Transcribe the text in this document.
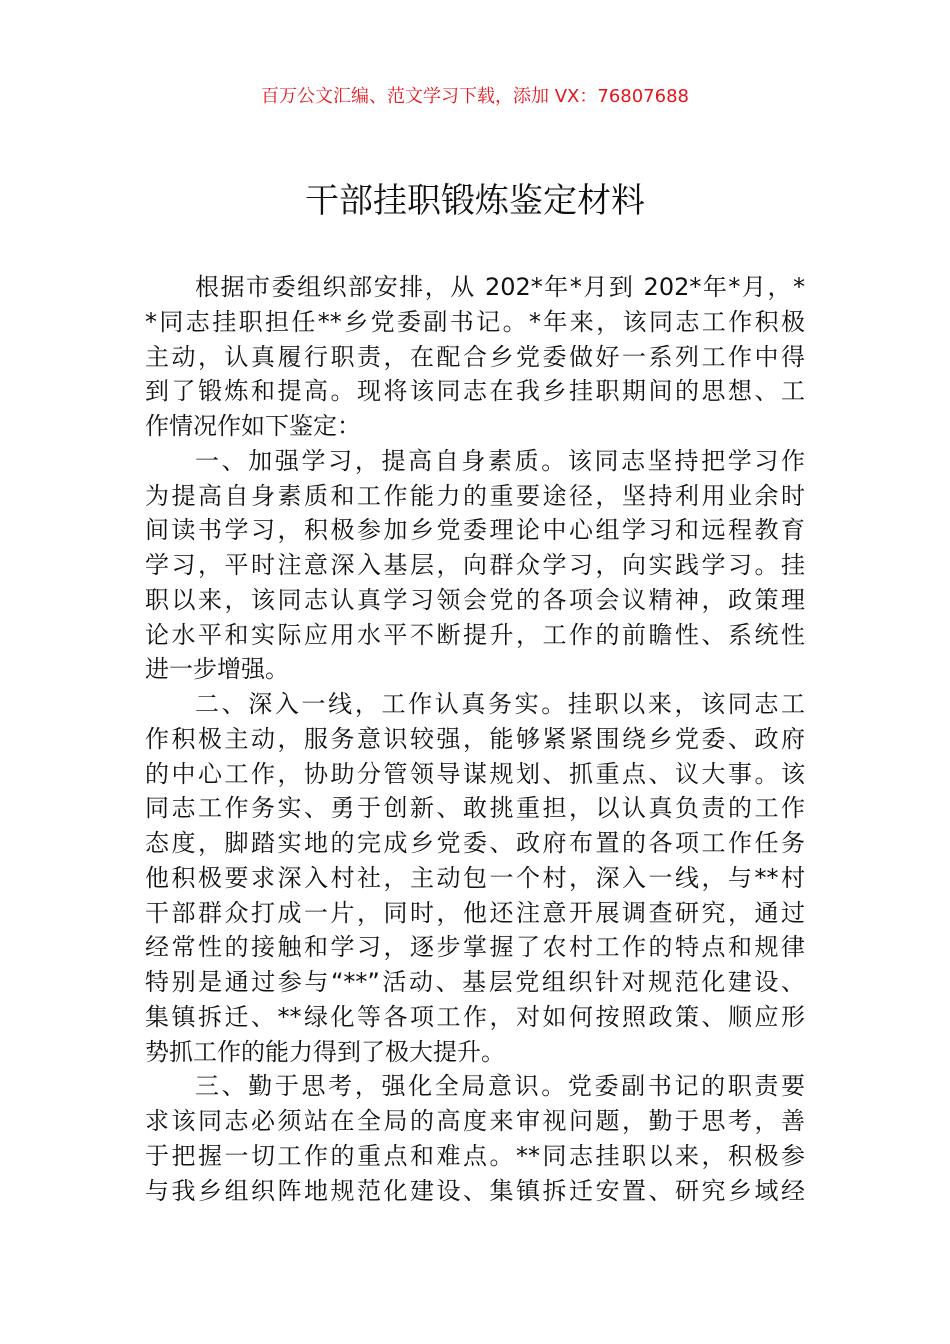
百万公文汇编、范文学习下载，添加 VX：76807688
干部挂职锻炼鉴定材料
根据市委组织部安排，从 202*年*月到 202*年*月，*
*同志挂职担任**乡党委副书记。*年来，该同志工作积极
主动，认真履行职责，在配合乡党委做好一系列工作中得
到了锻炼和提高。现将该同志在我乡挂职期间的思想、工
作情况作如下鉴定：
一、加强学习，提高自身素质。该同志坚持把学习作
为提高自身素质和工作能力的重要途径，坚持利用业余时
间读书学习，积极参加乡党委理论中心组学习和远程教育
学习，平时注意深入基层，向群众学习，向实践学习。挂
职以来，该同志认真学习领会党的各项会议精神，政策理
论水平和实际应用水平不断提升，工作的前瞻性、系统性
进一步增强。
二、深入一线，工作认真务实。挂职以来，该同志工
作积极主动，服务意识较强，能够紧紧围绕乡党委、政府
的中心工作，协助分管领导谋规划、抓重点、议大事。该
同志工作务实、勇于创新、敢挑重担，以认真负责的工作
态度，脚踏实地的完成乡党委、政府布置的各项工作任务
他积极要求深入村社，主动包一个村，深入一线，与**村
干部群众打成一片，同时，他还注意开展调查研究，通过
经常性的接触和学习，逐步掌握了农村工作的特点和规律
特别是通过参与“**”活动、基层党组织针对规范化建设、
集镇拆迁、**绿化等各项工作，对如何按照政策、顺应形
势抓工作的能力得到了极大提升。
三、勤于思考，强化全局意识。党委副书记的职责要
求该同志必须站在全局的高度来审视问题，勤于思考，善
于把握一切工作的重点和难点。**同志挂职以来，积极参
与我乡组织阵地规范化建设、集镇拆迁安置、研究乡域经
